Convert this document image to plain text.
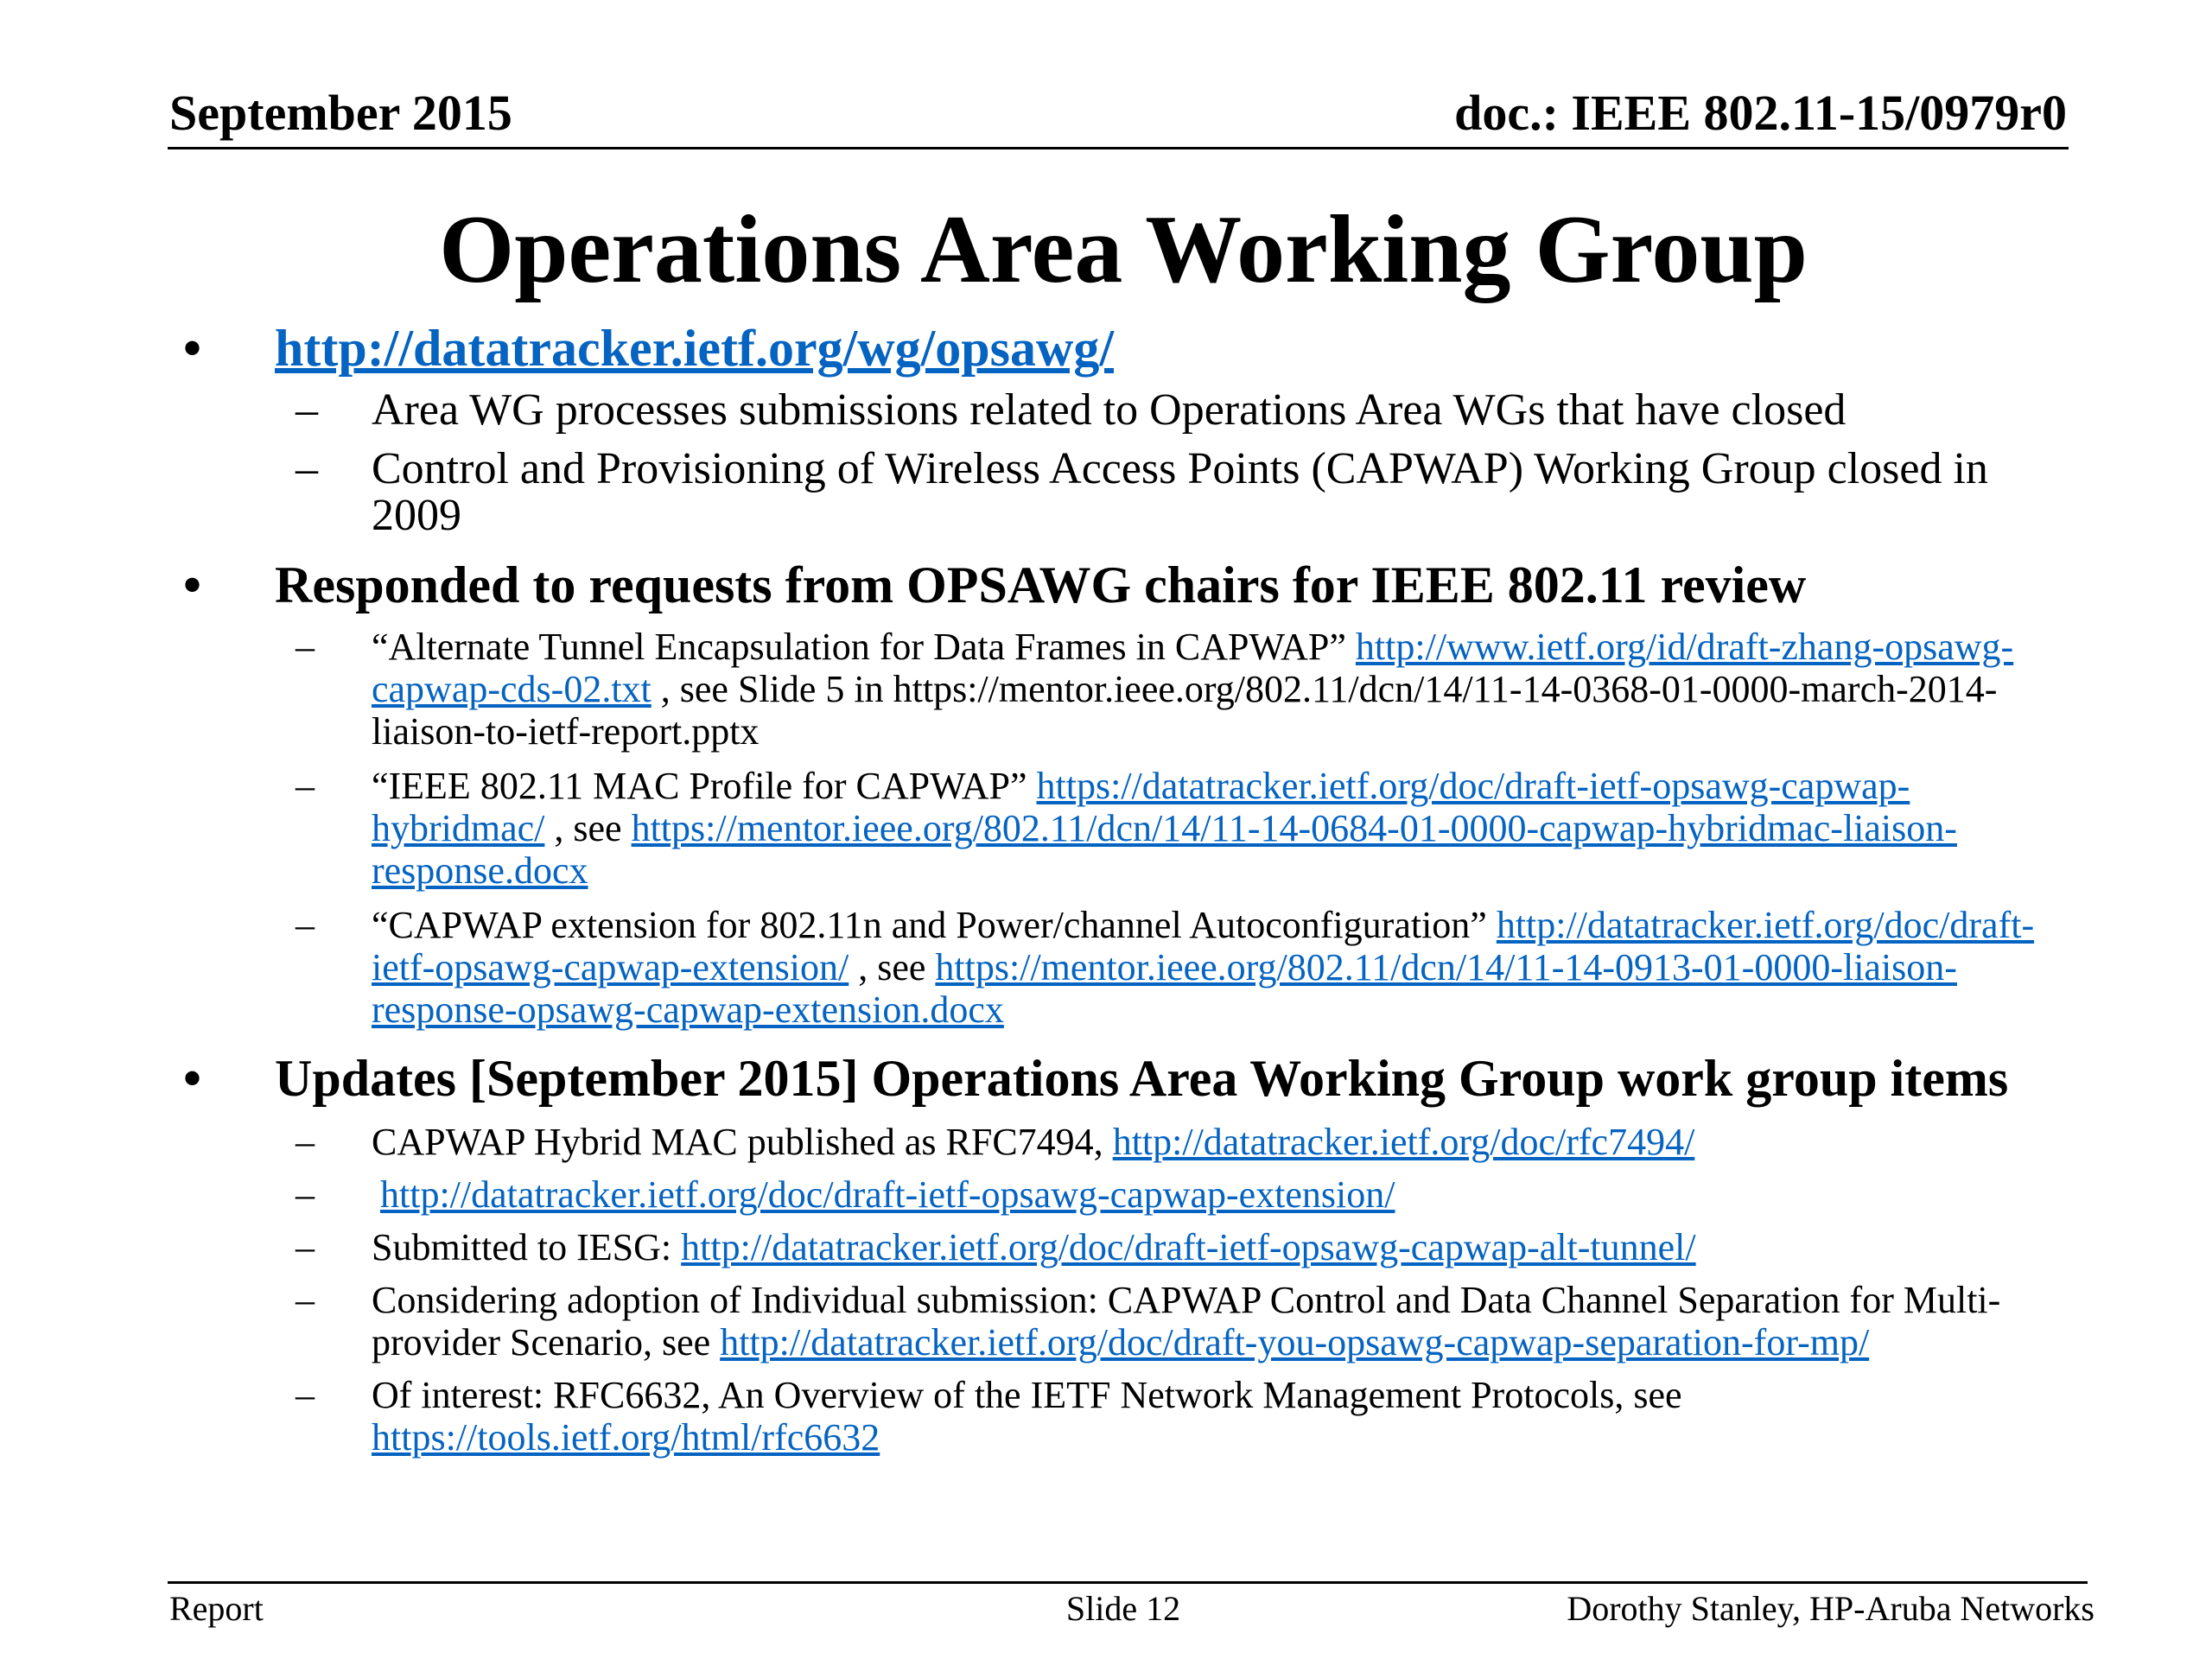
September 2015	doc.: IEEE 802.11-15/0979r0
Operations Area Working Group
• http://datatracker.ietf.org/wg/opsawg/
– Area WG processes submissions related to Operations Area WGs that have closed
– Control and Provisioning of Wireless Access Points (CAPWAP) Working Group closed in 2009
• Responded to requests from OPSAWG chairs for IEEE 802.11 review
– “Alternate Tunnel Encapsulation for Data Frames in CAPWAP” http://www.ietf.org/id/draft-zhang-opsawg-capwap-cds-02.txt , see Slide 5 in https://mentor.ieee.org/802.11/dcn/14/11-14-0368-01-0000-march-2014-liaison-to-ietf-report.pptx
– “IEEE 802.11 MAC Profile for CAPWAP” https://datatracker.ietf.org/doc/draft-ietf-opsawg-capwap-hybridmac/ , see https://mentor.ieee.org/802.11/dcn/14/11-14-0684-01-0000-capwap-hybridmac-liaison-response.docx
– “CAPWAP extension for 802.11n and Power/channel Autoconfiguration” http://datatracker.ietf.org/doc/draft-ietf-opsawg-capwap-extension/ , see https://mentor.ieee.org/802.11/dcn/14/11-14-0913-01-0000-liaison-response-opsawg-capwap-extension.docx
• Updates [September 2015] Operations Area Working Group work group items
– CAPWAP Hybrid MAC published as RFC7494, http://datatracker.ietf.org/doc/rfc7494/
– http://datatracker.ietf.org/doc/draft-ietf-opsawg-capwap-extension/
– Submitted to IESG: http://datatracker.ietf.org/doc/draft-ietf-opsawg-capwap-alt-tunnel/
– Considering adoption of Individual submission: CAPWAP Control and Data Channel Separation for Multi-provider Scenario, see http://datatracker.ietf.org/doc/draft-you-opsawg-capwap-separation-for-mp/
– Of interest: RFC6632, An Overview of the IETF Network Management Protocols, see https://tools.ietf.org/html/rfc6632
Report	Slide 12	Dorothy Stanley, HP-Aruba Networks
